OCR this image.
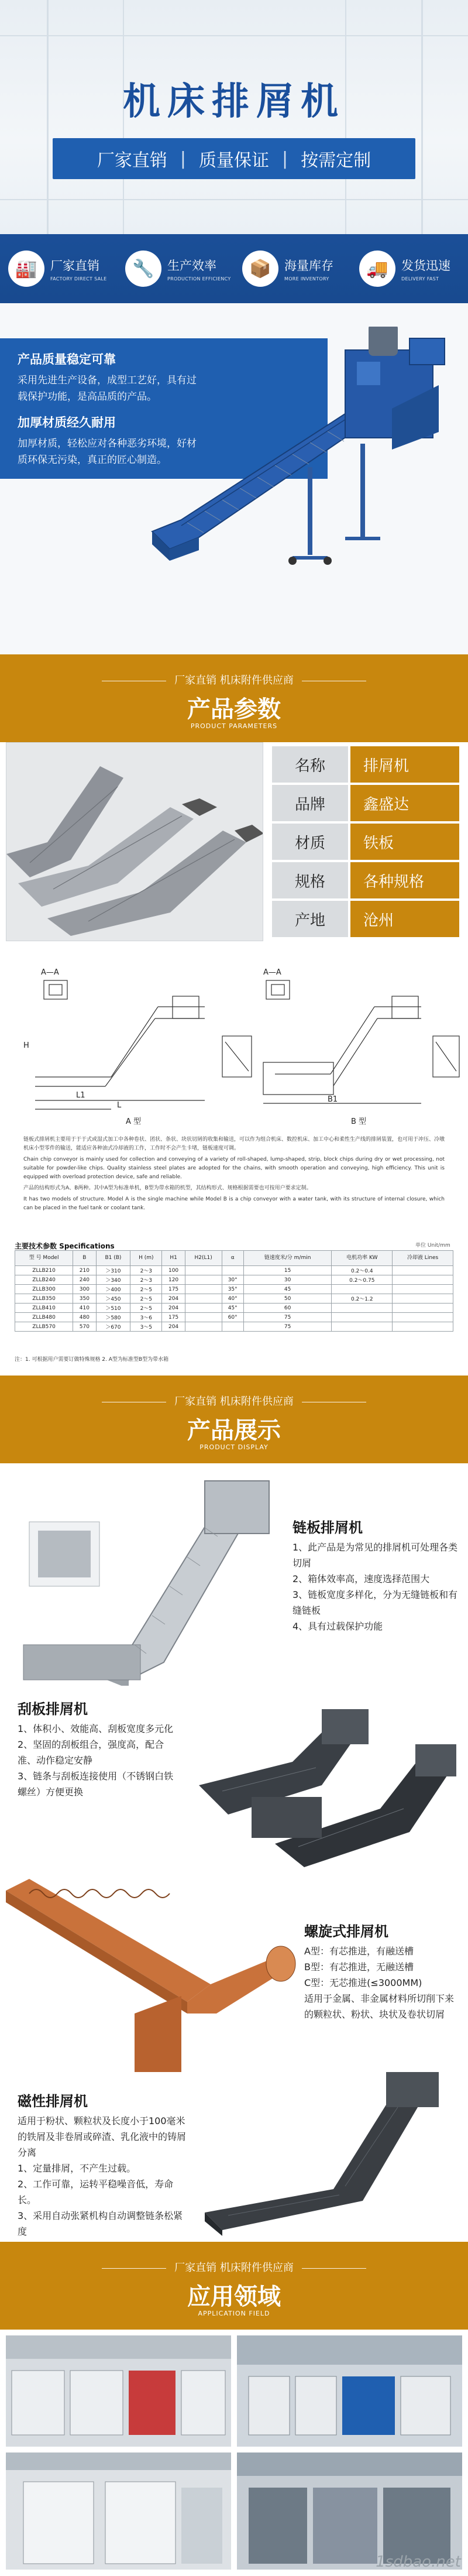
机床排屑机
厂家直销 | 质量保证 | 按需定制
🏭	厂家直销
FACTORY DIRECT SALE	🔧	生产效率
PRODUCTION EFFICIENCY	📦	海量库存
MORE INVENTORY	🚚	发货迅速
DELIVERY FAST
产品质量稳定可靠
采用先进生产设备，成型工艺好，具有过载保护功能，是高品质的产品。
加厚材质经久耐用
加厚材质，轻松应对各种恶劣环境，好材质环保无污染，真正的匠心制造。
厂家直销 机床附件供应商
产品参数
PRODUCT PARAMETERS
名称	排屑机
品牌	鑫盛达
材质	铁板
规格	各种规格
产地	沧州
A—A	A—A
A 型	B 型
L1
L
H
B1

链板式排屑机主要用于于于式或湿式加工中各种卷状、团状、条状、块状切屑的收集和输送，可以作为组合机床、数控机床、加工中心和柔性生产线的排屑装置，也可用于冲压、冷墩机床小型零件的输送，能适应各种油式冷却液的工作，工作时不会产生卡堵，链板速度可调。

Chain chip conveyor is mainly used for collection and conveying of a variety of roll-shaped, lump-shaped, strip, block chips during dry or wet processing, not suitable for powder-like chips. Quality stainless steel plates are adopted for the chains, with smooth operation and conveying, high efficiency. This unit is equipped with overload protection device, safe and reliable.

产品的结构形式为A、B两种。其中A型为标准单机，B型为带水箱的机型，其结构形式、规格根据需要也可按用户要求定制。

It has two models of structure. Model A is the single machine while Model B is a chip conveyor with a water tank, with its structure of internal closure, which can be placed in the fuel tank or coolant tank.

主要技术参数 Specifications	单位 Unit/mm
型 号 Model	B	B1 (B)	H (m)	H1	H2(L1)	α	链速度米/分 m/min	电机功率 KW	冷却液 Lines
ZLLB210	210	＞310	2～3	100			15	0.2～0.4	
ZLLB240	240	＞340	2～3	120		30°	30	0.2～0.75	
ZLLB300	300	＞400	2～5	175		35°	45		
ZLLB350	350	＞450	2～5	204		40°	50	0.2～1.2	
ZLLB410	410	＞510	2～5	204		45°	60		
ZLLB480	480	＞580	3～6	175		60°	75		
ZLLB570	570	＞670	3～5	204			75		
注：1. 可根据用户需要订做特殊规格 2. A型为标准型B型为带水箱
厂家直销 机床附件供应商
产品展示
PRODUCT DISPLAY
链板排屑机
1、此产品是为常见的排屑机可处理各类切屑
2、箱体效率高，速度选择范围大
3、链板宽度多样化，分为无缝链板和有缝链板
4、具有过载保护功能
刮板排屑机
1、体积小、效能高、刮板宽度多元化
2、坚固的刮板组合，强度高，配合准、动作稳定安静
3、链条与刮板连接使用（不锈钢白铁螺丝）方便更换
螺旋式排屑机
A型：有芯推进，有融送槽
B型：有芯推进，无融送槽
C型：无芯推进(≤3000MM)
适用于金属、非金属材料所切削下来的颗粒状、粉状、块状及卷状切屑
磁性排屑机
适用于粉状、颗粒状及长度小于100毫米的铁屑及非卷屑或碎渣、乳化液中的铸屑分离
1、定量排屑，不产生过载。
2、工作可靠，运转平稳噪音低，寿命长。
3、采用自动张紧机构自动调整链条松紧度
厂家直销 机床附件供应商
应用领域
APPLICATION FIELD
1sdbao.net
